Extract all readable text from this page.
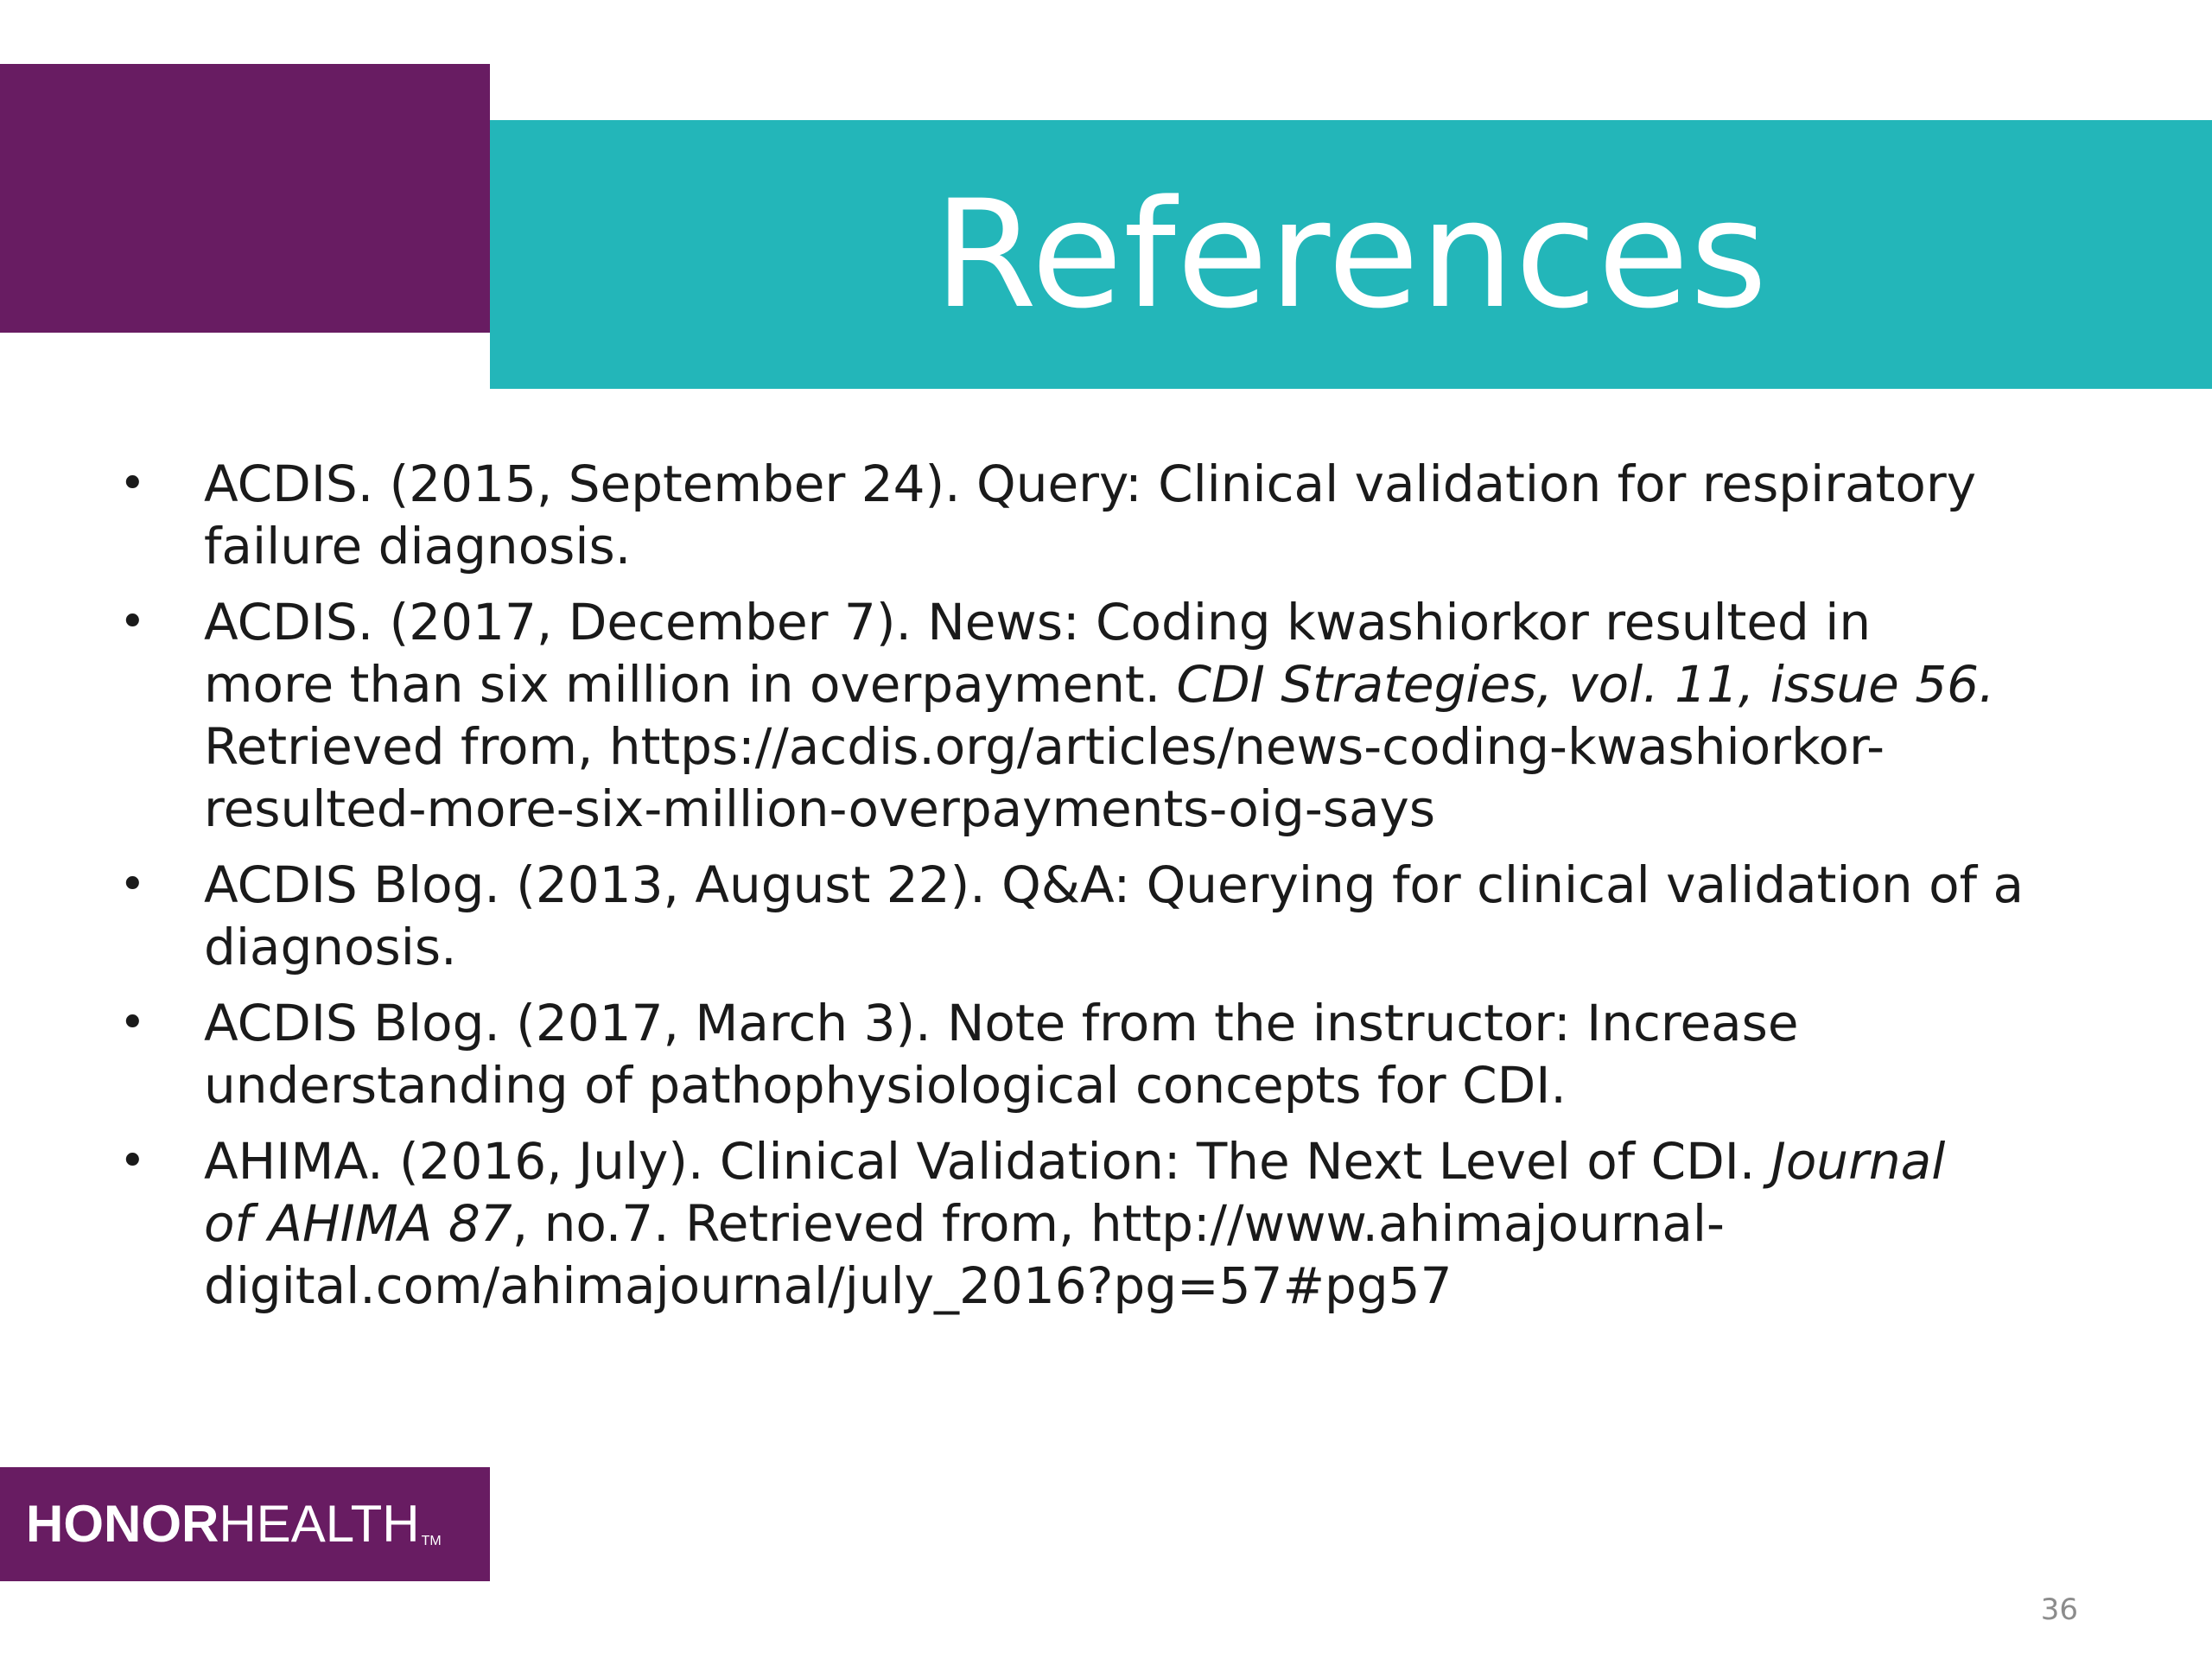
References
• ACDIS. (2015, September 24). Query: Clinical validation for respiratory
failure diagnosis.
• ACDIS. (2017, December 7). News: Coding kwashiorkor resulted in
more than six million in overpayment. CDI Strategies, vol. 11, issue 56.
Retrieved from, https://acdis.org/articles/news-coding-kwashiorkor-
resulted-more-six-million-overpayments-oig-says
• ACDIS Blog. (2013, August 22). Q&A: Querying for clinical validation of a
diagnosis.
• ACDIS Blog. (2017, March 3). Note from the instructor: Increase
understanding of pathophysiological concepts for CDI.
• AHIMA. (2016, July). Clinical Validation: The Next Level of CDI. Journal
of AHIMA 87, no.7. Retrieved from, http://www.ahimajournal-
digital.com/ahimajournal/july_2016?pg=57#pg57
HONORHEALTH TM
36
